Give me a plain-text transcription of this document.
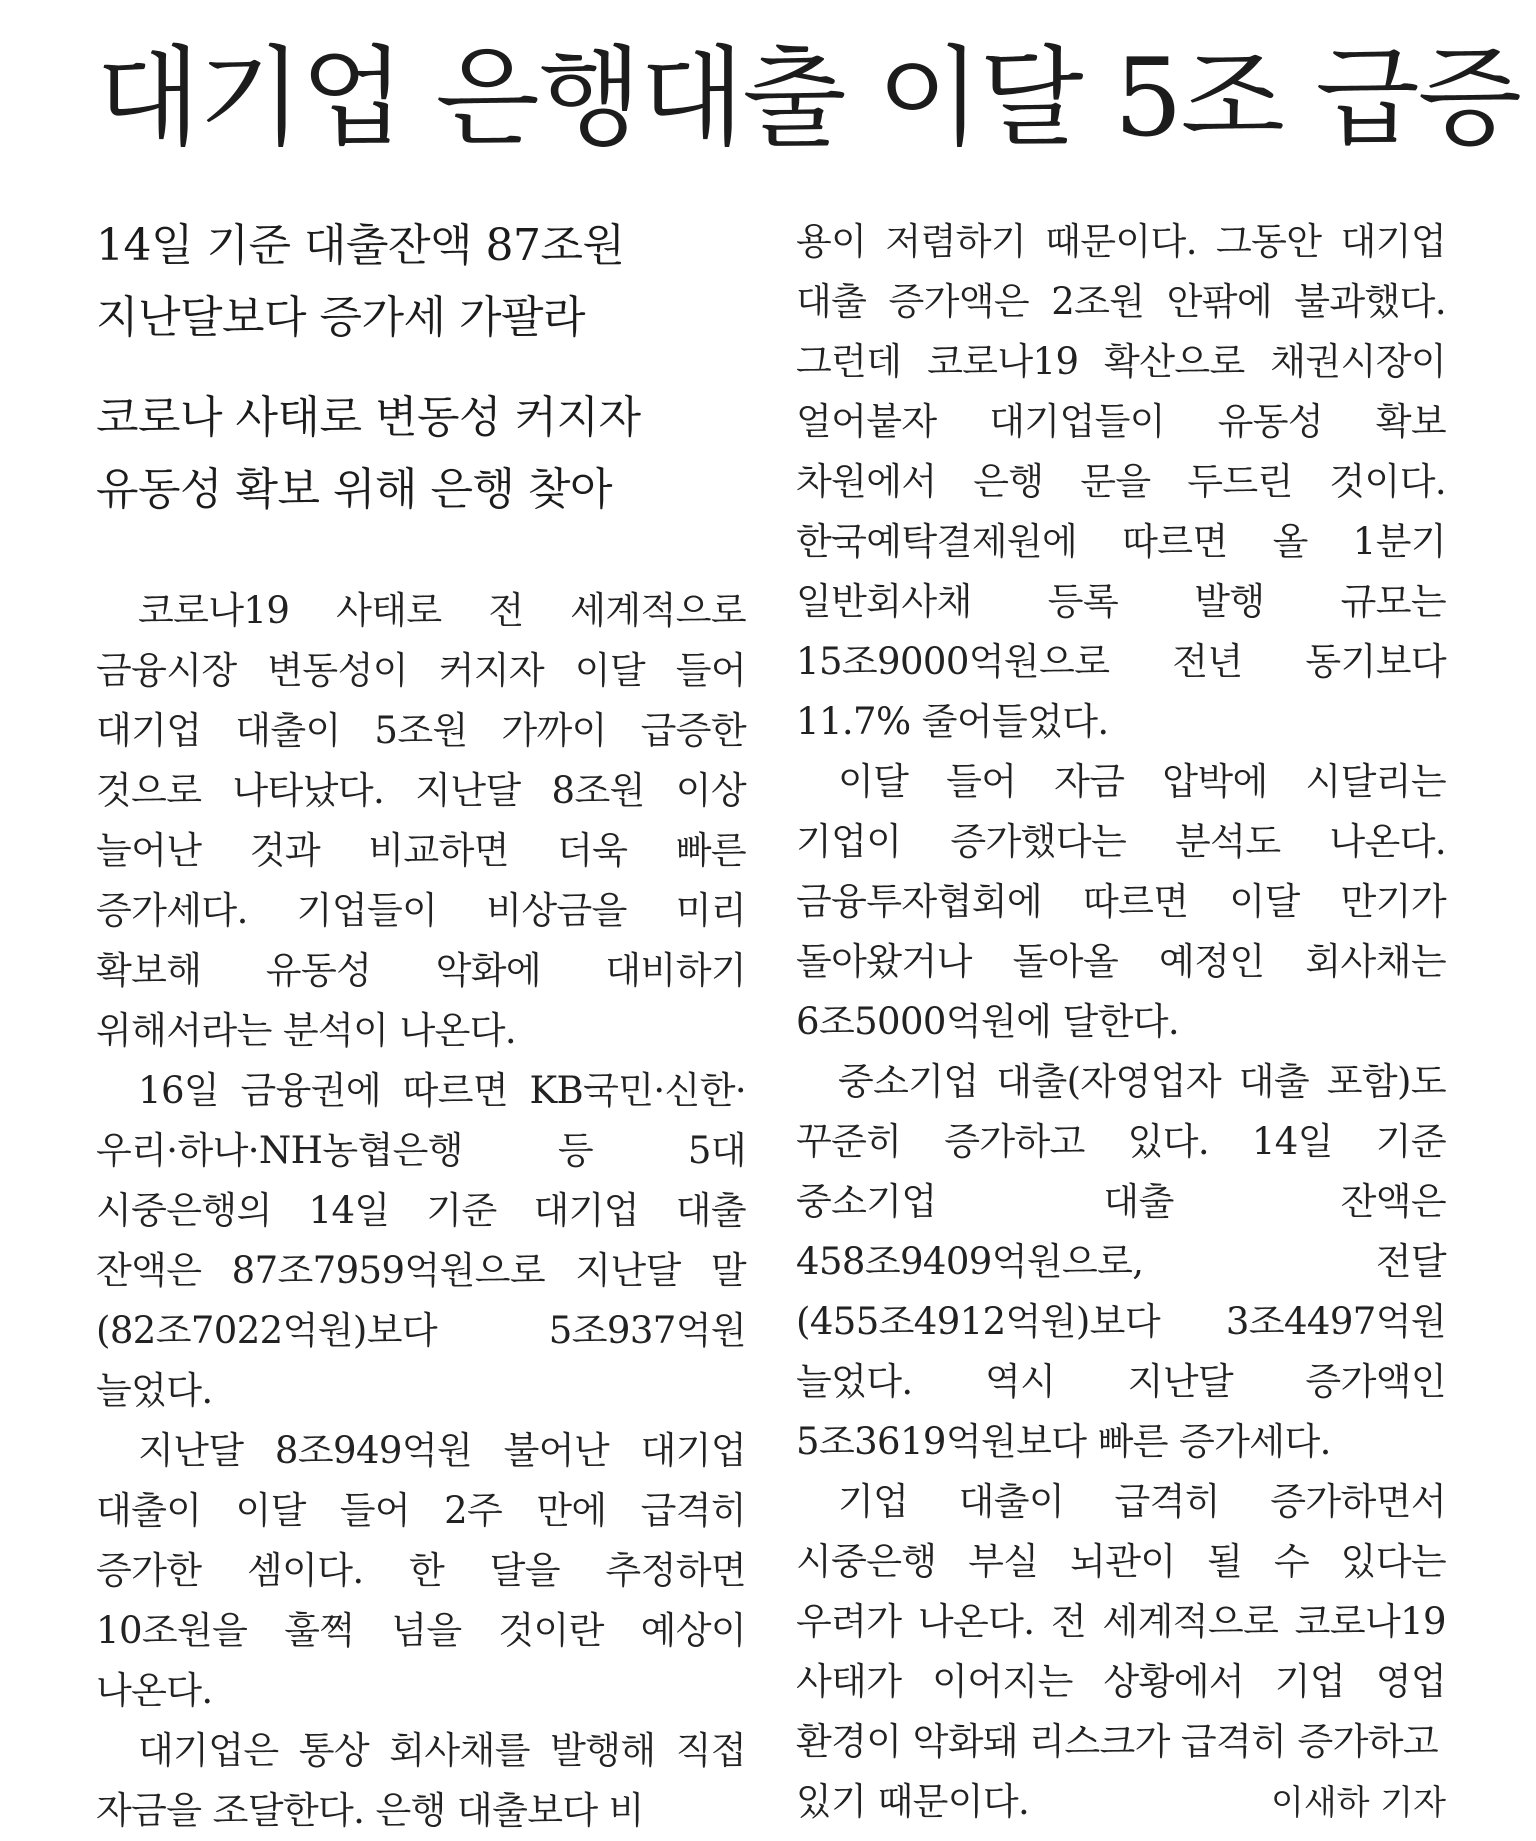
대기업 은행대출 이달 5조 급증
14일 기준 대출잔액 87조원
지난달보다 증가세 가팔라
코로나 사태로 변동성 커지자
유동성 확보 위해 은행 찾아

코로나19 사태로 전 세계적으로 금융시장 변동성이 커지자 이달 들어 대기업 대출이 5조원 가까이 급증한 것으로 나타났다. 지난달 8조원 이상 늘어난 것과 비교하면 더욱 빠른 증가세다. 기업들이 비상금을 미리 확보해 유동성 악화에 대비하기 위해서라는 분석이 나온다.

16일 금융권에 따르면 KB국민·신한·우리·하나·NH농협은행 등 5대 시중은행의 14일 기준 대기업 대출 잔액은 87조7959억원으로 지난달 말(82조7022억원)보다 5조937억원 늘었다.

지난달 8조949억원 불어난 대기업 대출이 이달 들어 2주 만에 급격히 증가한 셈이다. 한 달을 추정하면 10조원을 훌쩍 넘을 것이란 예상이 나온다.

대기업은 통상 회사채를 발행해 직접 자금을 조달한다. 은행 대출보다 비

용이 저렴하기 때문이다. 그동안 대기업 대출 증가액은 2조원 안팎에 불과했다. 그런데 코로나19 확산으로 채권시장이 얼어붙자 대기업들이 유동성 확보 차원에서 은행 문을 두드린 것이다. 한국예탁결제원에 따르면 올 1분기 일반회사채 등록 발행 규모는 15조9000억원으로 전년 동기보다 11.7% 줄어들었다.

이달 들어 자금 압박에 시달리는 기업이 증가했다는 분석도 나온다. 금융투자협회에 따르면 이달 만기가 돌아왔거나 돌아올 예정인 회사채는 6조5000억원에 달한다.

중소기업 대출(자영업자 대출 포함)도 꾸준히 증가하고 있다. 14일 기준 중소기업 대출 잔액은 458조9409억원으로, 전달(455조4912억원)보다 3조4497억원 늘었다. 역시 지난달 증가액인 5조3619억원보다 빠른 증가세다.

기업 대출이 급격히 증가하면서 시중은행 부실 뇌관이 될 수 있다는 우려가 나온다. 전 세계적으로 코로나19 사태가 이어지는 상황에서 기업 영업 환경이 악화돼 리스크가 급격히 증가하고

있기 때문이다.	이새하 기자
